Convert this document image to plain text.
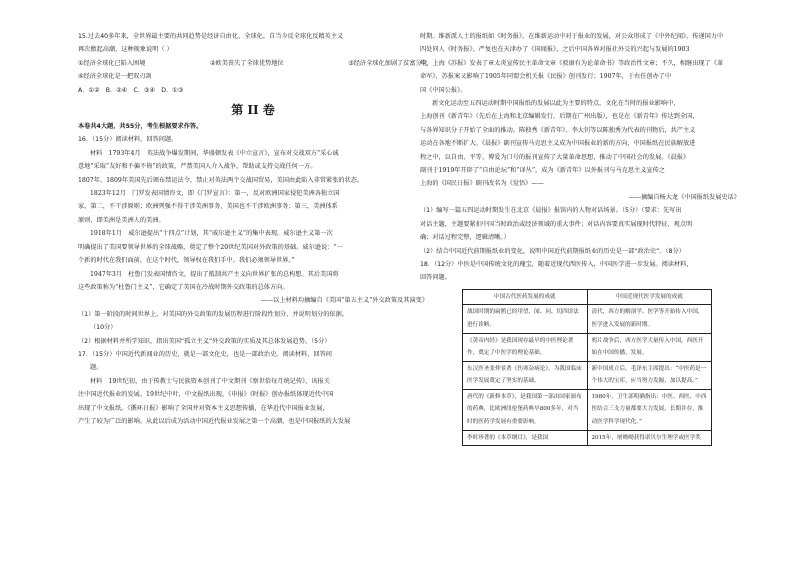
15.过去40多年来，全世界最主要的共同趋势是经济自由化、全球化。自当今反全球化反精英主义

再次掀起高潮，这种现象说明（ ）

①经济全球化已陷入困境	②欧美丧失了全球优势地位	③经济全球化加剧了贫富分化

④经济全球化是一把双刃剑

A．①②　B．②④　C．③④　D．①③

第 II 卷

本卷共4大题，共55分，考生根据要求作答。

16．（15分）阅读材料，回答问题。

材料　1793年4月　英法战争爆发期间，华盛顿发表《中立宣言》，宣布对交战双方“采心诚

意地”采取“友好和不偏不倚”的政策，严禁美国人介入战争，帮助或支持交战任何一方。

1807年、1809年美国先后颁布禁运法令，禁止对英法两个交战国贸易，美国由此陷入非常紧张的状态。

1823年12月　门罗发表国情咨文，即《门罗宣言》：第一，反对欧洲国家侵犯美洲各独立国

家，第二，不干涉原则；欧洲列强不得干涉美洲事务，美国也不干涉欧洲事务；第三，美洲体系

原则，即美洲是美洲人的美洲。

1918年1月　威尔逊提出“十四点”计划，其“威尔逊主义”的集中表现。威尔逊主义第一次

明确提出了美国要领导世界的全球战略，奠定了整个20世纪美国对外政策的基础。威尔逊说：“一

个新的时代在我们面前，在这个时代，领导权在我们手中。我们必须领导世界。”

1947年3月　杜鲁门发表国情咨文，提出了抵制共产主义向世界扩张的总构想。其后美国将

这些政策称为“杜鲁门主义”，它确定了美国在冷战时期外交政策的总体方向。

——以上材料均摘编自《美国“第五主义”外交政策及其演变》

（1）第一阶段的时间世界上，对美国的外交政策的发展历程进行阶段性划分，并说明划分的依据。

（10分）

（2）根据材料并所学知识，指出美国“孤立主义”外交政策的实质及其总体发展趋势。（5分）

17．（15分）中国近代新闻业的历史，就是一部文化史，也是一部政治史。阅读材料，回答问

题。

材料　19世纪初，由于传教士与民族资本创刊了中文期刊《察世俗每月统记传》，该报关

注中国近代报业的发展。19世纪中叶，中文报纸出现，《申报》《时报》创办报纸体现近代中国

出现了中文报纸。《循环日报》影响了全国并对资本主义思想传播，在华近代中国报业发展，

产生了较为广泛的影响。从此以后成为活动中国近代报业发展之第一个高潮，也是中国报纸的大发展

时期。维新派人士的报纸如《时务报》，在维新运动中对于报业的发展，对公众形成了《中外纪闻》，传递国力中

四处同人《时务报》、严复也在天津办了《国闻报》，之后中国各界对报社外交的兴起与发展的1903

年，上海《苏报》发表了章太炎宣传民主革命文章《驳康有为论革命书》等政治性文章；不久，相继出现了《革

命军》，苏报案又影响了1905年同盟会机关报《民报》创刊发行；1907年，于右任创办了中

国《中国公报》。

新文化运动至五四运动时期中国报纸的发展以此为主要的特点，文化在当时的报业影响中，

上海创刊《新青年》（先后在上海和北京编辑发行，后期在广州出版），也是在《新青年》传达到全国，

与各界知识分子开始了全面的推动。陈独秀《新青年》、李大钊等以陈独秀为代表的刊物后，共产主义

运动在各地不断扩大。《晨报》副刊宣传马克思主义成为中国报业的新的方向，中国报纸在民族解放进

程之中，以自由、平等、博爱为口号的报刊宣传了大量革命思想，推动了中国社会的发展。《晨报》

副刊于1919年开辟了“自由论坛”和“译丛”，成为《新青年》以外报刊与马克思主义宣传之

上海的《国民日报》副刊改名为《觉悟》——

——摘编自杨大龙《中国报纸发展史话》

（1）编写一篇五四运动时期发生在北京《晨报》报馆内的人物对话场景。（5分）（要求：先写出

对话主题，主题要紧扣中国当时政治或经济领域的重大事件；对话内容要真实展现时代特征，观点明

确；对话过程完整，逻辑清晰。）

（2）结合中国近代前期报纸业的变化，说明中国近代前期报纸业的历史是一部“政治史”。（8分）

18．（12分）中医是中国传统文化的瑰宝，随着近现代西医传入，中国医学进一步发展。阅读材料，

回答问题。

中国古代医药发展的成就	中国近现代医学发展的成就
战国时期的扁鹊已经用望、闻、问、切四诊法进行诊断。	清代，西方的解剖学、医学等开始传入中国，医学进入发展的新时期。
《黄帝内经》是我国现存最早的中医理论著作，奠定了中医学的理论基础。	鸦片战争后，西方医学大量传入中国，西医开始在中国传播、发展。
东汉医圣张仲景著《伤寒杂病论》，为我国临床医学发展奠定了坚实的基础。	新中国成立后，毛泽东主席提出：“中医药是一个伟大的宝库，应当努力发掘，加以提高。”
唐代的《新修本草》，是我国第一部由国家颁布的药典，比欧洲纽伦堡药典早800多年，对当时的医药学发展有重要影响。	1980年，卫生部明确指出：中医、西医、中西医结合三支力量都要大力发展，长期并存，推动医学科学现代化。”
李时珍著的《本草纲目》，是我国	2015年，屠呦呦获得诺贝尔生理学或医学奖
